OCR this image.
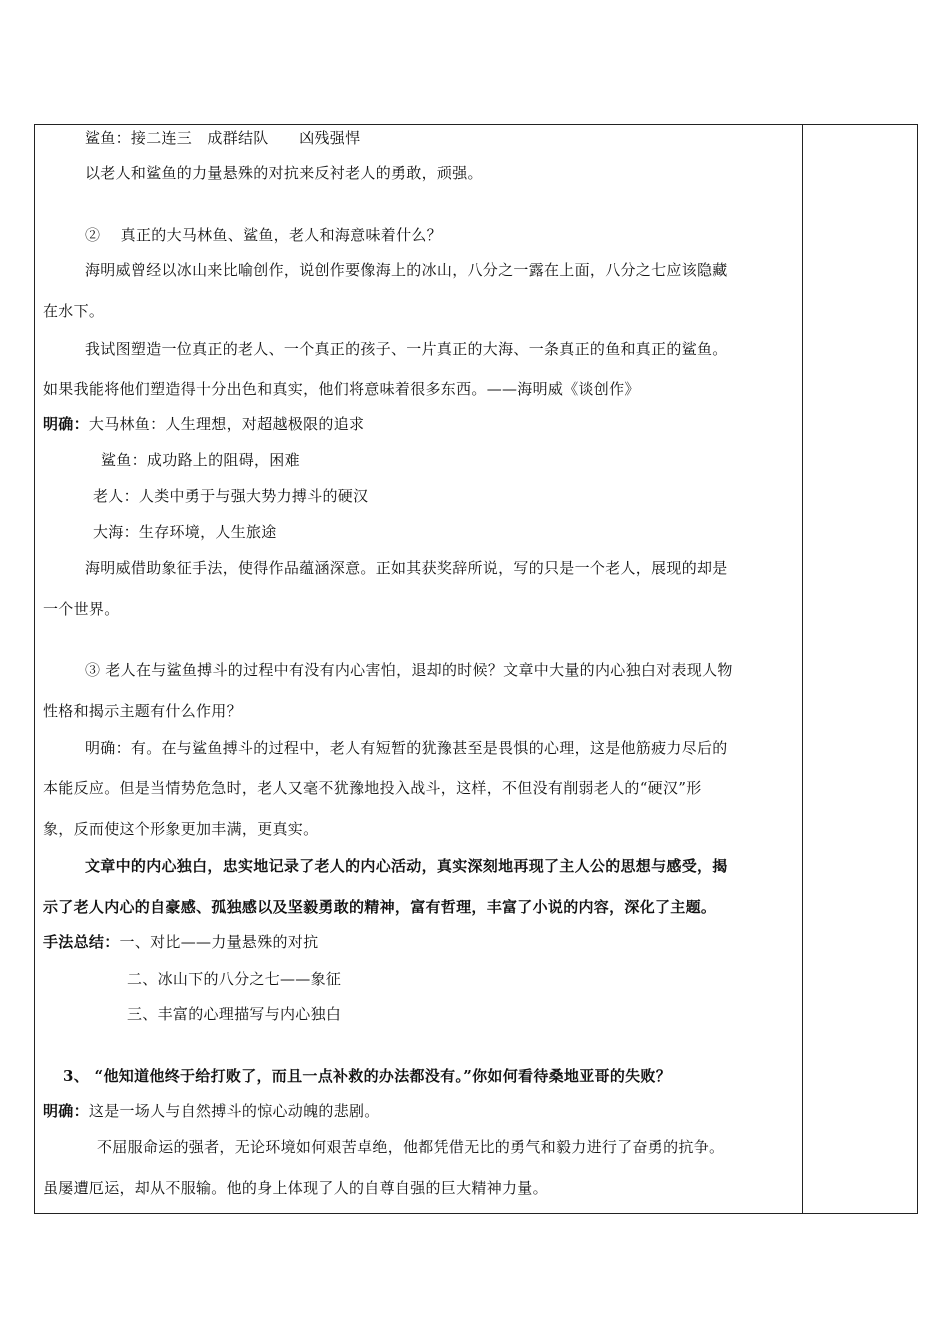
鲨鱼：接二连三　成群结队　　凶残强悍
以老人和鲨鱼的力量悬殊的对抗来反衬老人的勇敢，顽强。
②　 真正的大马林鱼、鲨鱼，老人和海意味着什么？
海明威曾经以冰山来比喻创作，说创作要像海上的冰山，八分之一露在上面，八分之七应该隐藏
在水下。
我试图塑造一位真正的老人、一个真正的孩子、一片真正的大海、一条真正的鱼和真正的鲨鱼。
如果我能将他们塑造得十分出色和真实，他们将意味着很多东西。——海明威《谈创作》
明确：大马林鱼：人生理想，对超越极限的追求
鲨鱼：成功路上的阻碍，困难
老人：人类中勇于与强大势力搏斗的硬汉
大海：生存环境，人生旅途
海明威借助象征手法，使得作品蕴涵深意。正如其获奖辞所说，写的只是一个老人，展现的却是
一个世界。
③ 老人在与鲨鱼搏斗的过程中有没有内心害怕，退却的时候？文章中大量的内心独白对表现人物
性格和揭示主题有什么作用？
明确：有。在与鲨鱼搏斗的过程中，老人有短暂的犹豫甚至是畏惧的心理，这是他筋疲力尽后的
本能反应。但是当情势危急时，老人又毫不犹豫地投入战斗，这样，不但没有削弱老人的“硬汉”形
象，反而使这个形象更加丰满，更真实。
文章中的内心独白，忠实地记录了老人的内心活动，真实深刻地再现了主人公的思想与感受，揭
示了老人内心的自豪感、孤独感以及坚毅勇敢的精神，富有哲理，丰富了小说的内容，深化了主题。
手法总结：一、对比——力量悬殊的对抗
二、冰山下的八分之七——象征
三、丰富的心理描写与内心独白
3、 “他知道他终于给打败了，而且一点补救的办法都没有。”你如何看待桑地亚哥的失败？
明确：这是一场人与自然搏斗的惊心动魄的悲剧。
不屈服命运的强者，无论环境如何艰苦卓绝，他都凭借无比的勇气和毅力进行了奋勇的抗争。
虽屡遭厄运，却从不服输。他的身上体现了人的自尊自强的巨大精神力量。
